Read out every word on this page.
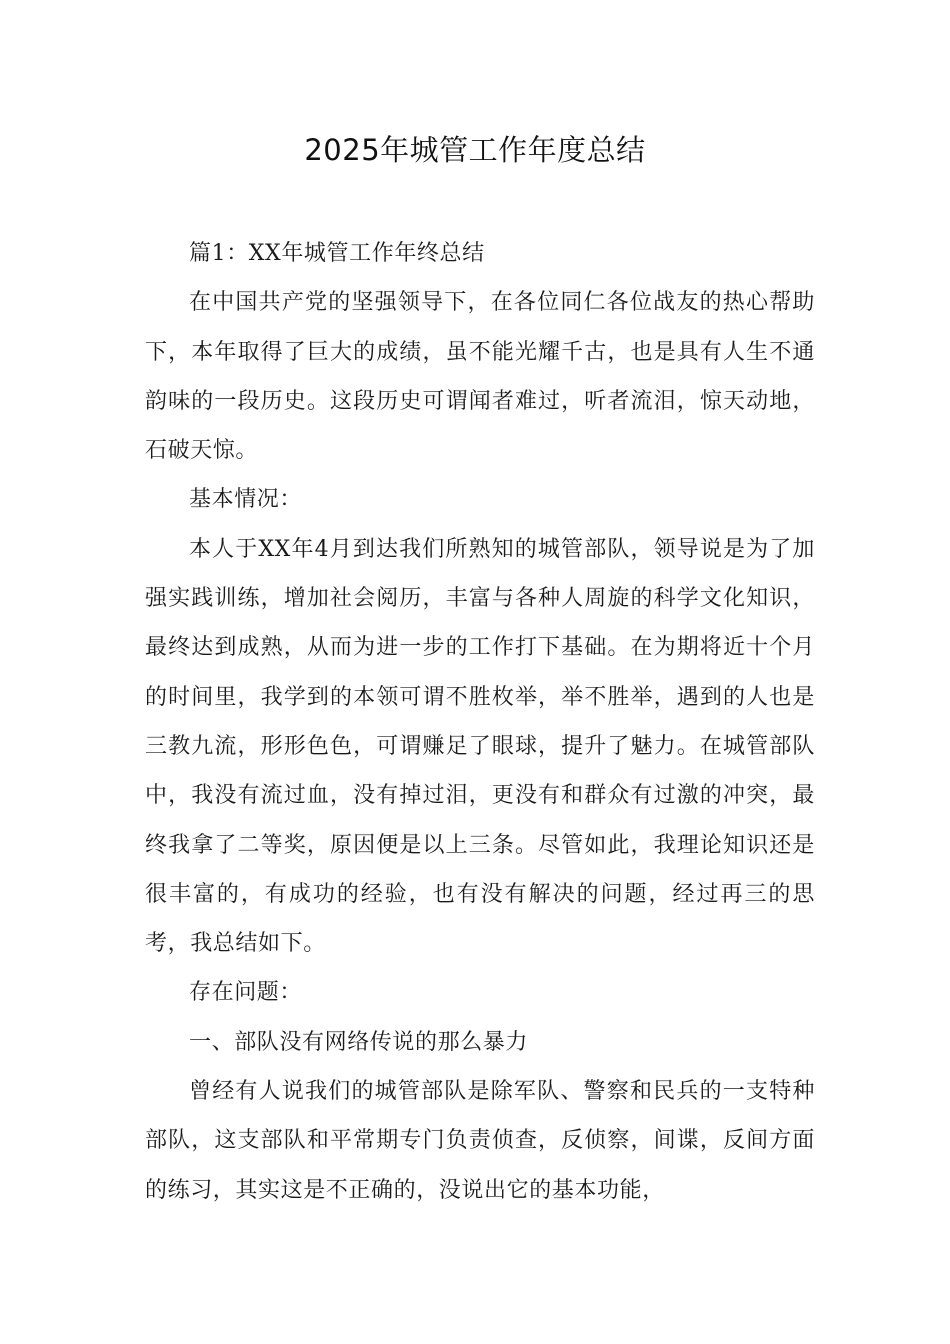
2025年城管工作年度总结

篇1：XX年城管工作年终总结

在中国共产党的坚强领导下，在各位同仁各位战友的热心帮助下，本年取得了巨大的成绩，虽不能光耀千古，也是具有人生不通韵味的一段历史。这段历史可谓闻者难过，听者流泪，惊天动地，石破天惊。

基本情况：

本人于XX年4月到达我们所熟知的城管部队，领导说是为了加强实践训练，增加社会阅历，丰富与各种人周旋的科学文化知识，最终达到成熟，从而为进一步的工作打下基础。在为期将近十个月的时间里，我学到的本领可谓不胜枚举，举不胜举，遇到的人也是三教九流，形形色色，可谓赚足了眼球，提升了魅力。在城管部队中，我没有流过血，没有掉过泪，更没有和群众有过激的冲突，最终我拿了二等奖，原因便是以上三条。尽管如此，我理论知识还是很丰富的，有成功的经验，也有没有解决的问题，经过再三的思考，我总结如下。

存在问题：

一、部队没有网络传说的那么暴力

曾经有人说我们的城管部队是除军队、警察和民兵的一支特种部队，这支部队和平常期专门负责侦查，反侦察，间谍，反间方面的练习，其实这是不正确的，没说出它的基本功能，
